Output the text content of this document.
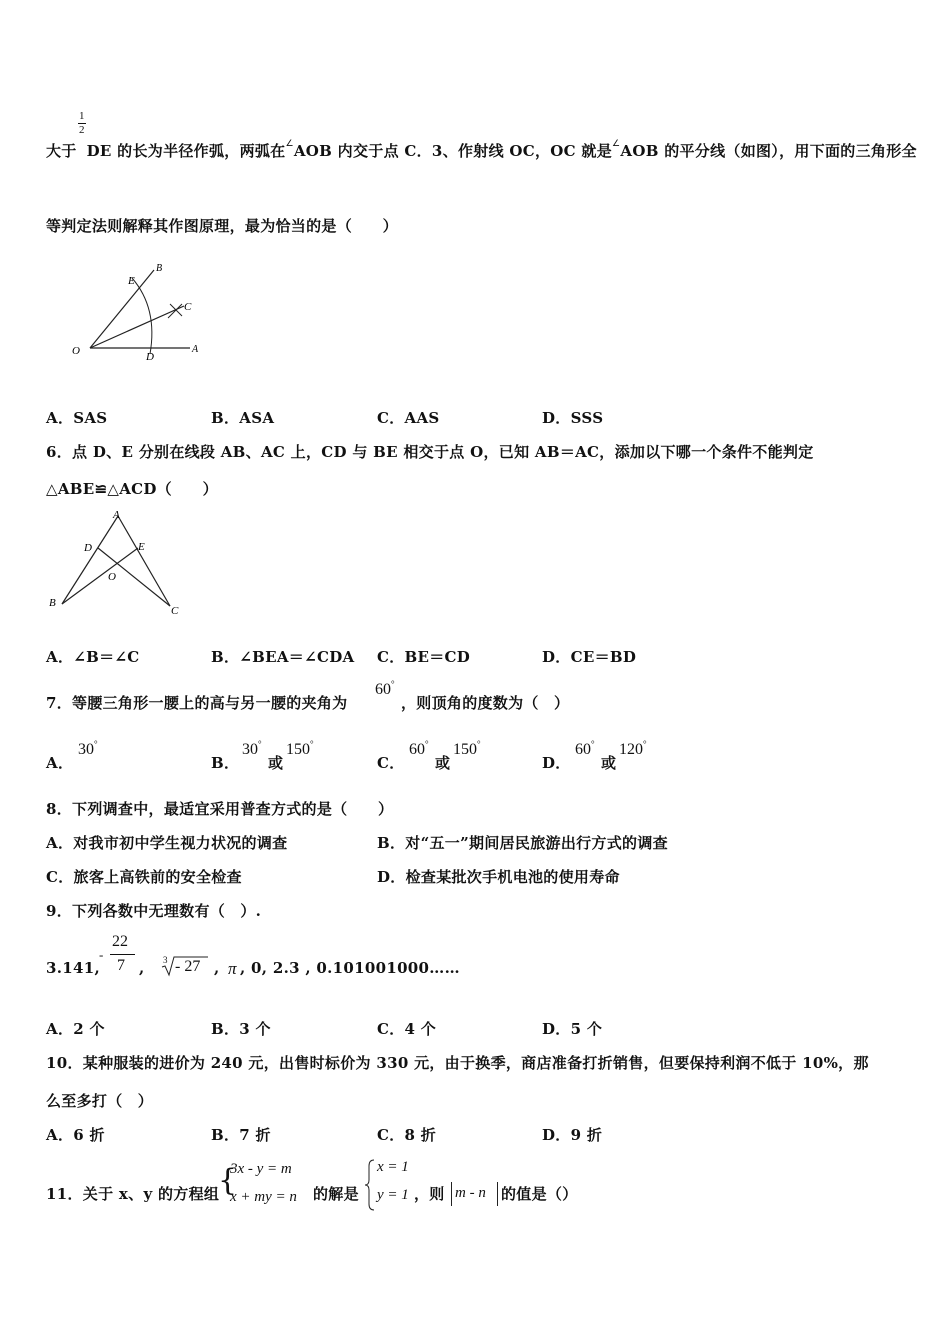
1
2
大于 DE 的长为半径作弧，两弧在∠AOB 内交于点 C．3、作射线 OC，OC 就是∠AOB 的平分线（如图），用下面的三角形全
等判定法则解释其作图原理，最为恰当的是（　　）
E
B
C
O	D
A
A．SAS	B．ASA	C．AAS	D．SSS
6．点 D、E 分别在线段 AB、AC 上，CD 与 BE 相交于点 O，已知 AB＝AC，添加以下哪一个条件不能判定
△ABE≌△ACD（　　）
A
D	E
O
B
C
A．∠B＝∠C	B．∠BEA＝∠CDA C．BE＝CD	D．CE＝BD
7．等腰三角形一腰上的高与另一腰的夹角为
60°
，则顶角的度数为（　）
A．
30°
B．
30°
或
150°
C．
60°
或
150°
D．
60°
或
120°
8．下列调查中，最适宜采用普查方式的是（　　）
A．对我市初中学生视力状况的调查	B．对“五一”期间居民旅游出行方式的调查
C．旅客上高铁前的安全检查	D．检查某批次手机电池的使用寿命
9．下列各数中无理数有（　）.
3.141,
-
22
7 , 3 - 27 , π , 0, 2.3 , 0.101001000……
A．2 个	B．3 个	C．4 个	D．5 个
10．某种服装的进价为 240 元，出售时标价为 330 元，由于换季，商店准备打折销售，但要保持利润不低于 10%，那
么至多打（　）
A．6 折	B．7 折	C．8 折	D．9 折
11．关于 x、y 的方程组
{
3x - y = m
x + my = n 的解是
x = 1
y = 1 ，则 m - n 的值是（）
